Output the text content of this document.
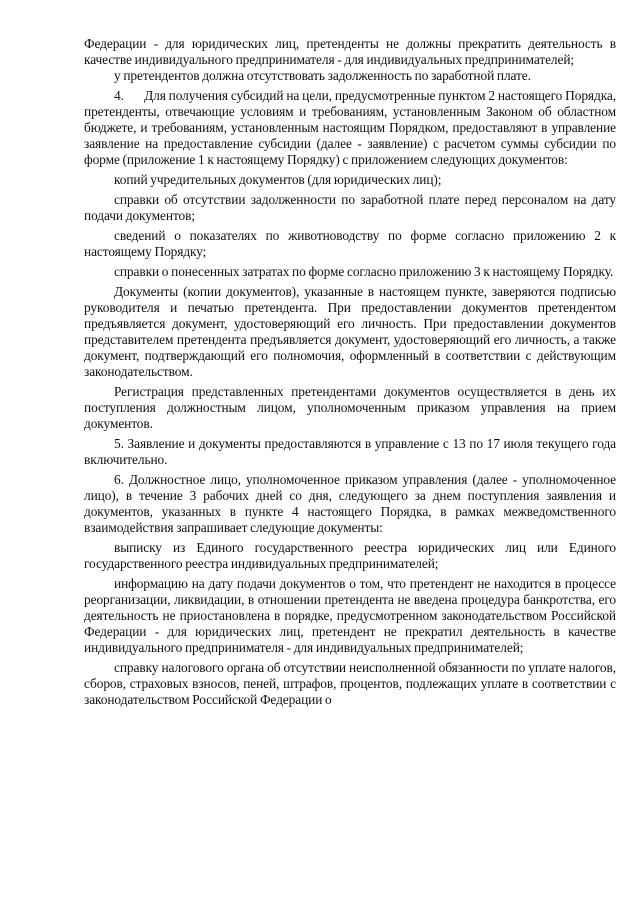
Федерации - для юридических лиц, претенденты не должны прекратить деятельность в качестве индивидуального предпринимателя - для индивидуальных предпринимателей;

у претендентов должна отсутствовать задолженность по заработной плате.

4.       Для получения субсидий на цели, предусмотренные пунктом 2 настоящего Порядка, претенденты, отвечающие условиям и требованиям, установленным Законом об областном бюджете, и требованиям, установленным настоящим Порядком, предоставляют в управление заявление на предоставление субсидии (далее - заявление) с расчетом суммы субсидии по форме (приложение 1 к настоящему Порядку) с приложением следующих документов:

копий учредительных документов (для юридических лиц);

справки об отсутствии задолженности по заработной плате перед персоналом на дату подачи документов;

сведений о показателях по животноводству по форме согласно приложению 2 к настоящему Порядку;

справки о понесенных затратах по форме согласно приложению 3 к настоящему Порядку.

Документы (копии документов), указанные в настоящем пункте, заверяются подписью руководителя и печатью претендента. При предоставлении документов претендентом предъявляется документ, удостоверяющий его личность. При предоставлении документов представителем претендента предъявляется документ, удостоверяющий его личность, а также документ, подтверждающий его полномочия, оформленный в соответствии с действующим законодательством.

Регистрация представленных претендентами документов осуществляется в день их поступления должностным лицом, уполномоченным приказом управления на прием документов.

5. Заявление и документы предоставляются в управление с 13 по 17 июля текущего года включительно.

6. Должностное лицо, уполномоченное приказом управления (далее - уполномоченное лицо), в течение 3 рабочих дней со дня, следующего за днем поступления заявления и документов, указанных в пункте 4 настоящего Порядка, в рамках межведомственного взаимодействия запрашивает следующие документы:

выписку из Единого государственного реестра юридических лиц или Единого государственного реестра индивидуальных предпринимателей;

информацию на дату подачи документов о том, что претендент не находится в процессе реорганизации, ликвидации, в отношении претендента не введена процедура банкротства, его деятельность не приостановлена в порядке, предусмотренном законодательством Российской Федерации - для юридических лиц, претендент не прекратил деятельность в качестве индивидуального предпринимателя - для индивидуальных предпринимателей;

справку налогового органа об отсутствии неисполненной обязанности по уплате налогов, сборов, страховых взносов, пеней, штрафов, процентов, подлежащих уплате в соответствии с законодательством Российской Федерации о
